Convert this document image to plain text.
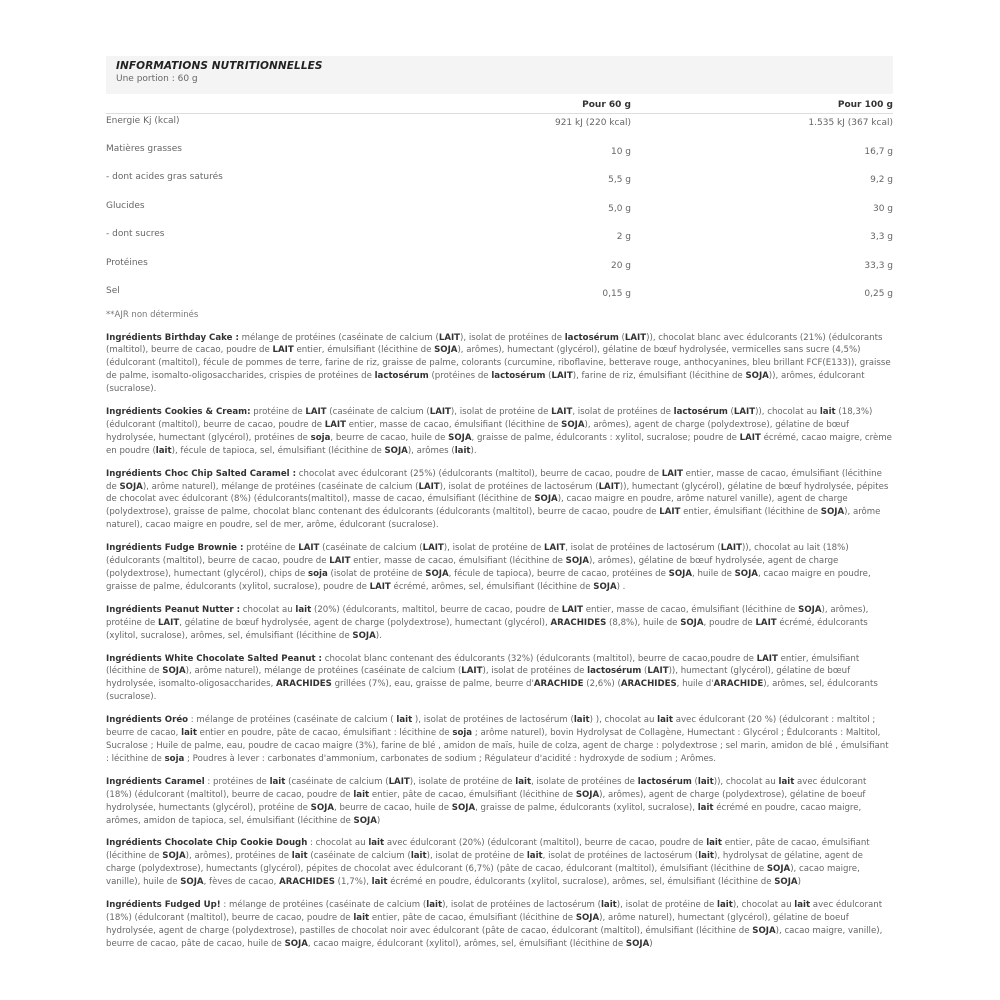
INFORMATIONS NUTRITIONNELLES
Une portion : 60 g
	Pour 60 g	Pour 100 g
Energie Kj (kcal)	921 kJ (220 kcal)	1.535 kJ (367 kcal)
Matières grasses	10 g	16,7 g
- dont acides gras saturés	5,5 g	9,2 g
Glucides	5,0 g	30 g
- dont sucres	2 g	3,3 g
Protéines	20 g	33,3 g
Sel	0,15 g	0,25 g
**AJR non déterminés

Ingrédients Birthday Cake : mélange de protéines (caséinate de calcium (LAIT), isolat de protéines de lactosérum (LAIT)), chocolat blanc avec édulcorants (21%) (édulcorants (maltitol), beurre de cacao, poudre de LAIT entier, émulsifiant (lécithine de SOJA), arômes), humectant (glycérol), gélatine de bœuf hydrolysée, vermicelles sans sucre (4,5%) (édulcorant (maltitol), fécule de pommes de terre, farine de riz, graisse de palme, colorants (curcumine, riboflavine, betterave rouge, anthocyanines, bleu brillant FCF(E133)), graisse de palme, isomalto-oligosaccharides, crispies de protéines de lactosérum (protéines de lactosérum (LAIT), farine de riz, émulsifiant (lécithine de SOJA)), arômes, édulcorant (sucralose).

Ingrédients Cookies & Cream: protéine de LAIT (caséinate de calcium (LAIT), isolat de protéine de LAIT, isolat de protéines de lactosérum (LAIT)), chocolat au lait (18,3%) (édulcorant (maltitol), beurre de cacao, poudre de LAIT entier, masse de cacao, émulsifiant (lécithine de SOJA), arômes), agent de charge (polydextrose), gélatine de bœuf hydrolysée, humectant (glycérol), protéines de soja, beurre de cacao, huile de SOJA, graisse de palme, édulcorants : xylitol, sucralose; poudre de LAIT écrémé, cacao maigre, crème en poudre (lait), fécule de tapioca, sel, émulsifiant (lécithine de SOJA), arômes (lait).

Ingrédients Choc Chip Salted Caramel : chocolat avec édulcorant (25%) (édulcorants (maltitol), beurre de cacao, poudre de LAIT entier, masse de cacao, émulsifiant (lécithine de SOJA), arôme naturel), mélange de protéines (caséinate de calcium (LAIT), isolat de protéines de lactosérum (LAIT)), humectant (glycérol), gélatine de bœuf hydrolysée, pépites de chocolat avec édulcorant (8%) (édulcorants(maltitol), masse de cacao, émulsifiant (lécithine de SOJA), cacao maigre en poudre, arôme naturel vanille), agent de charge (polydextrose), graisse de palme, chocolat blanc contenant des édulcorants (édulcorants (maltitol), beurre de cacao, poudre de LAIT entier, émulsifiant (lécithine de SOJA), arôme naturel), cacao maigre en poudre, sel de mer, arôme, édulcorant (sucralose).

Ingrédients Fudge Brownie : protéine de LAIT (caséinate de calcium (LAIT), isolat de protéine de LAIT, isolat de protéines de lactosérum (LAIT)), chocolat au lait (18%) (édulcorants (maltitol), beurre de cacao, poudre de LAIT entier, masse de cacao, émulsifiant (lécithine de SOJA), arômes), gélatine de bœuf hydrolysée, agent de charge (polydextrose), humectant (glycérol), chips de soja (isolat de protéine de SOJA, fécule de tapioca), beurre de cacao, protéines de SOJA, huile de SOJA, cacao maigre en poudre, graisse de palme, édulcorants (xylitol, sucralose), poudre de LAIT écrémé, arômes, sel, émulsifiant (lécithine de SOJA) .

Ingrédients Peanut Nutter : chocolat au lait (20%) (édulcorants, maltitol, beurre de cacao, poudre de LAIT entier, masse de cacao, émulsifiant (lécithine de SOJA), arômes), protéine de LAIT, gélatine de bœuf hydrolysée, agent de charge (polydextrose), humectant (glycérol), ARACHIDES (8,8%), huile de SOJA, poudre de LAIT écrémé, édulcorants (xylitol, sucralose), arômes, sel, émulsifiant (lécithine de SOJA).

Ingrédients White Chocolate Salted Peanut : chocolat blanc contenant des édulcorants (32%) (édulcorants (maltitol), beurre de cacao,poudre de LAIT entier, émulsifiant (lécithine de SOJA), arôme naturel), mélange de protéines (caséinate de calcium (LAIT), isolat de protéines de lactosérum (LAIT)), humectant (glycérol), gélatine de bœuf hydrolysée, isomalto-oligosaccharides, ARACHIDES grillées (7%), eau, graisse de palme, beurre d'ARACHIDE (2,6%) (ARACHIDES, huile d'ARACHIDE), arômes, sel, édulcorants (sucralose).

Ingrédients Oréo : mélange de protéines (caséinate de calcium ( lait ), isolat de protéines de lactosérum (lait) ), chocolat au lait avec édulcorant (20 %) (édulcorant : maltitol ; beurre de cacao, lait entier en poudre, pâte de cacao, émulsifiant : lécithine de soja ; arôme naturel), bovin Hydrolysat de Collagène, Humectant : Glycérol ; Édulcorants : Maltitol, Sucralose ; Huile de palme, eau, poudre de cacao maigre (3%), farine de blé , amidon de maïs, huile de colza, agent de charge : polydextrose ; sel marin, amidon de blé , émulsifiant : lécithine de soja ; Poudres à lever : carbonates d'ammonium, carbonates de sodium ; Régulateur d'acidité : hydroxyde de sodium ; Arômes.

Ingrédients Caramel : protéines de lait (caséinate de calcium (LAIT), isolate de protéine de lait, isolate de protéines de lactosérum (lait)), chocolat au lait avec édulcorant (18%) (édulcorant (maltitol), beurre de cacao, poudre de lait entier, pâte de cacao, émulsifiant (lécithine de SOJA), arômes), agent de charge (polydextrose), gélatine de boeuf hydrolysée, humectants (glycérol), protéine de SOJA, beurre de cacao, huile de SOJA, graisse de palme, édulcorants (xylitol, sucralose), lait écrémé en poudre, cacao maigre, arômes, amidon de tapioca, sel, émulsifiant (lécithine de SOJA)

Ingrédients Chocolate Chip Cookie Dough : chocolat au lait avec édulcorant (20%) (édulcorant (maltitol), beurre de cacao, poudre de lait entier, pâte de cacao, émulsifiant (lécithine de SOJA), arômes), protéines de lait (caséinate de calcium (lait), isolat de protéine de lait, isolat de protéines de lactosérum (lait), hydrolysat de gélatine, agent de charge (polydextrose), humectants (glycérol), pépites de chocolat avec édulcorant (6,7%) (pâte de cacao, édulcorant (maltitol), émulsifiant (lécithine de SOJA), cacao maigre, vanille), huile de SOJA, fèves de cacao, ARACHIDES (1,7%), lait écrémé en poudre, édulcorants (xylitol, sucralose), arômes, sel, émulsifiant (lécithine de SOJA)

Ingrédients Fudged Up! : mélange de protéines (caséinate de calcium (lait), isolat de protéines de lactosérum (lait), isolat de protéine de lait), chocolat au lait avec édulcorant (18%) (édulcorant (maltitol), beurre de cacao, poudre de lait entier, pâte de cacao, émulsifiant (lécithine de SOJA), arôme naturel), humectant (glycérol), gélatine de boeuf hydrolysée, agent de charge (polydextrose), pastilles de chocolat noir avec édulcorant (pâte de cacao, édulcorant (maltitol), émulsifiant (lécithine de SOJA), cacao maigre, vanille), beurre de cacao, pâte de cacao, huile de SOJA, cacao maigre, édulcorant (xylitol), arômes, sel, émulsifiant (lécithine de SOJA)
